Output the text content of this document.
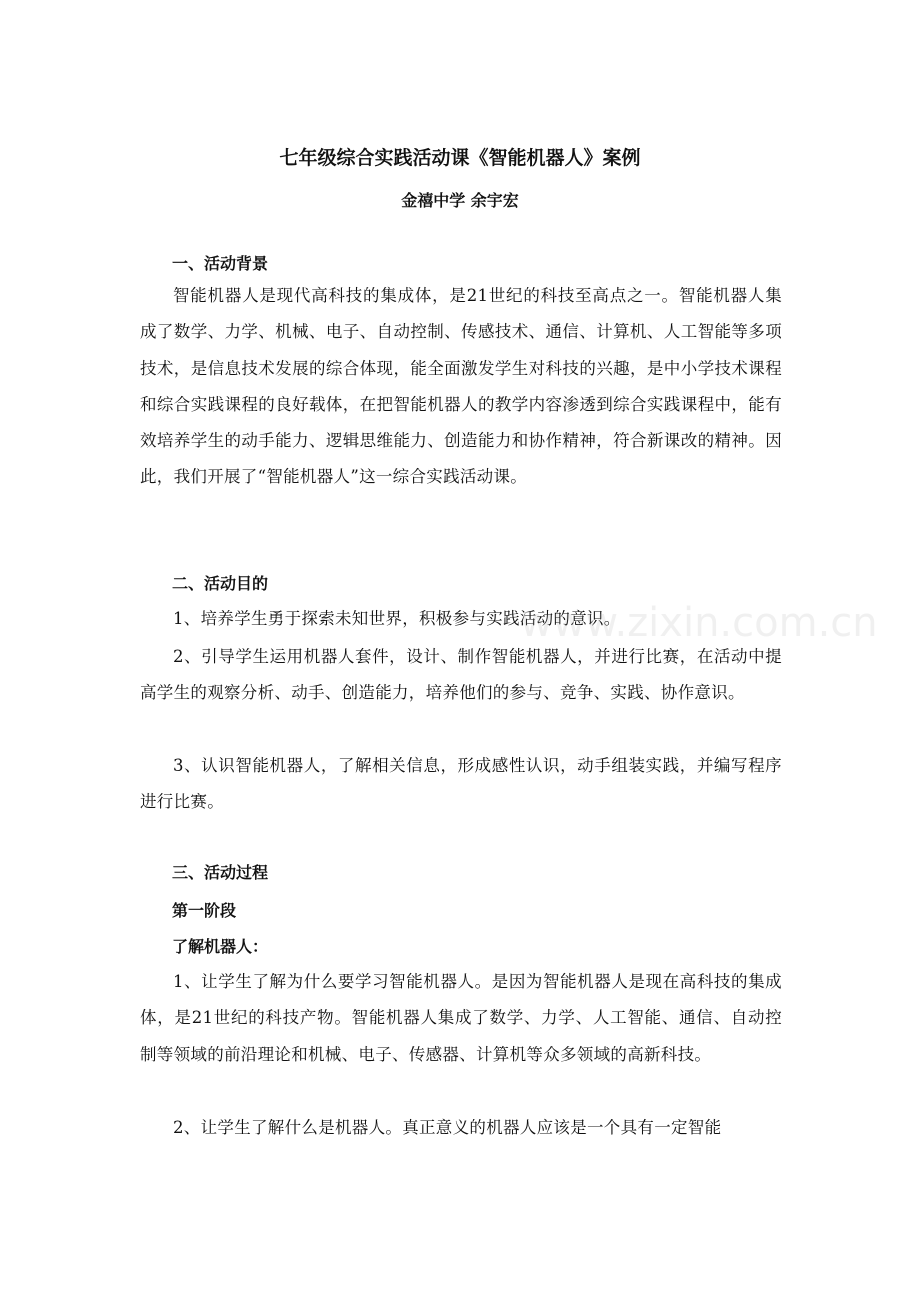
七年级综合实践活动课《智能机器人》案例
金禧中学 余宇宏
一、活动背景

智能机器人是现代高科技的集成体，是21世纪的科技至高点之一。智能机器人集成了数学、力学、机械、电子、自动控制、传感技术、通信、计算机、人工智能等多项技术，是信息技术发展的综合体现，能全面激发学生对科技的兴趣，是中小学技术课程和综合实践课程的良好载体，在把智能机器人的教学内容渗透到综合实践课程中，能有效培养学生的动手能力、逻辑思维能力、创造能力和协作精神，符合新课改的精神。因此，我们开展了“智能机器人”这一综合实践活动课。

二、活动目的

1、培养学生勇于探索未知世界，积极参与实践活动的意识。

2、引导学生运用机器人套件，设计、制作智能机器人，并进行比赛，在活动中提高学生的观察分析、动手、创造能力，培养他们的参与、竞争、实践、协作意识。

3、认识智能机器人，了解相关信息，形成感性认识，动手组装实践，并编写程序进行比赛。

三、活动过程
第一阶段
了解机器人：

1、让学生了解为什么要学习智能机器人。是因为智能机器人是现在高科技的集成体，是21世纪的科技产物。智能机器人集成了数学、力学、人工智能、通信、自动控制等领域的前沿理论和机械、电子、传感器、计算机等众多领域的高新科技。

2、让学生了解什么是机器人。真正意义的机器人应该是一个具有一定智能

www.zixin.com.cn
